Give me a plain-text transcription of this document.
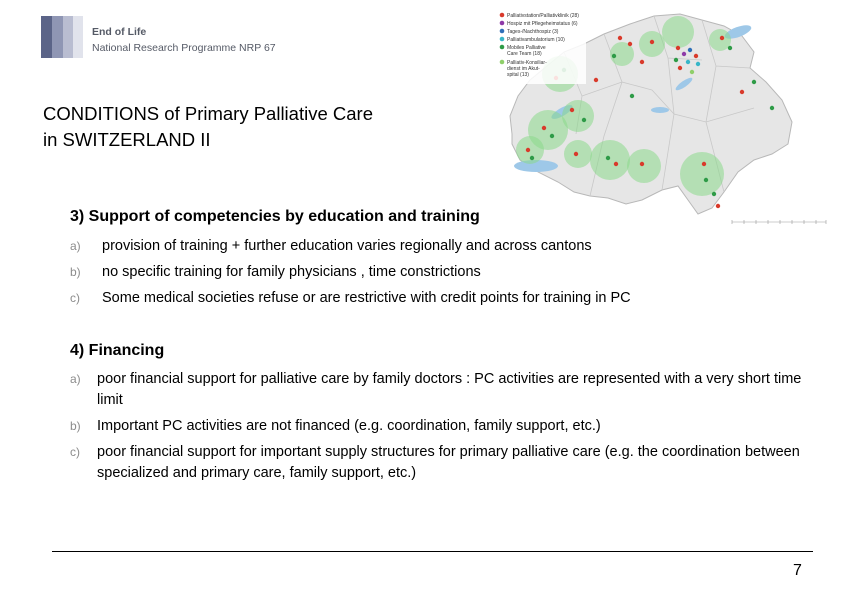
End of Life
National Research Programme NRP 67
CONDITIONS of Primary Palliative Care
in SWITZERLAND II
Palliativstation/Palliativklinik (28)
Hospiz mit Pflegeheimstatus (6)
Tages-/Nachthospiz (3)
Palliativambulatorium (10)
Mobiles Palliative
Care Team (18)
Palliativ-Konsiliar-
dienst im Akut-
spital (13)
3) Support of competencies by education and training
a) provision of training + further education varies regionally and across cantons
b) no specific training for family physicians , time constrictions
c) Some medical societies refuse or are restrictive with credit points for training in PC
4) Financing
a) poor financial support for palliative care by family doctors : PC activities are represented with a very short time limit
b) Important PC activities are not financed (e.g. coordination, family support, etc.)
c) poor financial support for important supply structures for primary palliative care (e.g. the coordination between specialized and primary care, family support, etc.)
7
